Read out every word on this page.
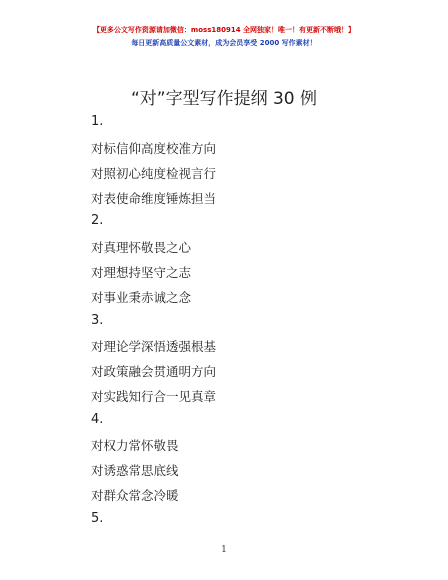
【更多公文写作资源请加微信：moss180914 全网独家！唯一！有更新不断哦！】
每日更新高质量公文素材，成为会员享受 2000 写作素材！
“对”字型写作提纲 30 例
1.
对标信仰高度校准方向
对照初心纯度检视言行
对表使命维度锤炼担当
2.
对真理怀敬畏之心
对理想持坚守之志
对事业秉赤诚之念
3.
对理论学深悟透强根基
对政策融会贯通明方向
对实践知行合一见真章
4.
对权力常怀敬畏
对诱惑常思底线
对群众常念冷暖
5.
1
